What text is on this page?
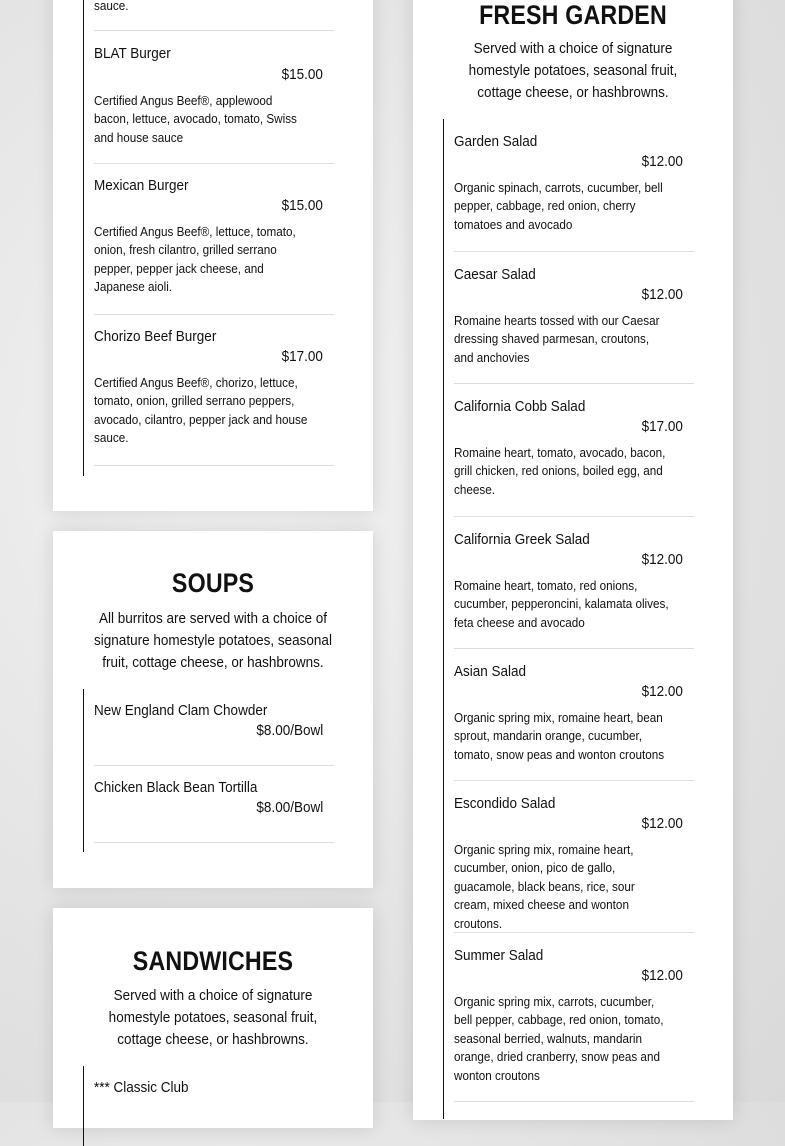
sauce.
BLAT Burger
$15.00
Certified Angus Beef®, applewood bacon, lettuce, avocado, tomato, Swiss and house sauce
Mexican Burger
$15.00
Certified Angus Beef®, lettuce, tomato, onion, fresh cilantro, grilled serrano pepper, pepper jack cheese, and Japanese aioli.
Chorizo Beef Burger
$17.00
Certified Angus Beef®, chorizo, lettuce, tomato, onion, grilled serrano peppers, avocado, cilantro, pepper jack and house sauce.
SOUPS

All burritos are served with a choice of signature homestyle potatoes, seasonal fruit, cottage cheese, or hashbrowns.

New England Clam Chowder
$8.00/Bowl
Chicken Black Bean Tortilla
$8.00/Bowl
SANDWICHES

Served with a choice of signature homestyle potatoes, seasonal fruit, cottage cheese, or hashbrowns.

*** Classic Club
FRESH GARDEN

Served with a choice of signature homestyle potatoes, seasonal fruit, cottage cheese, or hashbrowns.

Garden Salad
$12.00
Organic spinach, carrots, cucumber, bell pepper, cabbage, red onion, cherry tomatoes and avocado
Caesar Salad
$12.00
Romaine hearts tossed with our Caesar dressing shaved parmesan, croutons, and anchovies
California Cobb Salad
$17.00
Romaine heart, tomato, avocado, bacon, grill chicken, red onions, boiled egg, and cheese.
California Greek Salad
$12.00
Romaine heart, tomato, red onions, cucumber, pepperoncini, kalamata olives, feta cheese and avocado
Asian Salad
$12.00
Organic spring mix, romaine heart, bean sprout, mandarin orange, cucumber, tomato, snow peas and wonton croutons
Escondido Salad
$12.00
Organic spring mix, romaine heart, cucumber, onion, pico de gallo, guacamole, black beans, rice, sour cream, mixed cheese and wonton croutons.
Summer Salad
$12.00
Organic spring mix, carrots, cucumber, bell pepper, cabbage, red onion, tomato, seasonal berried, walnuts, mandarin orange, dried cranberry, snow peas and wonton croutons
